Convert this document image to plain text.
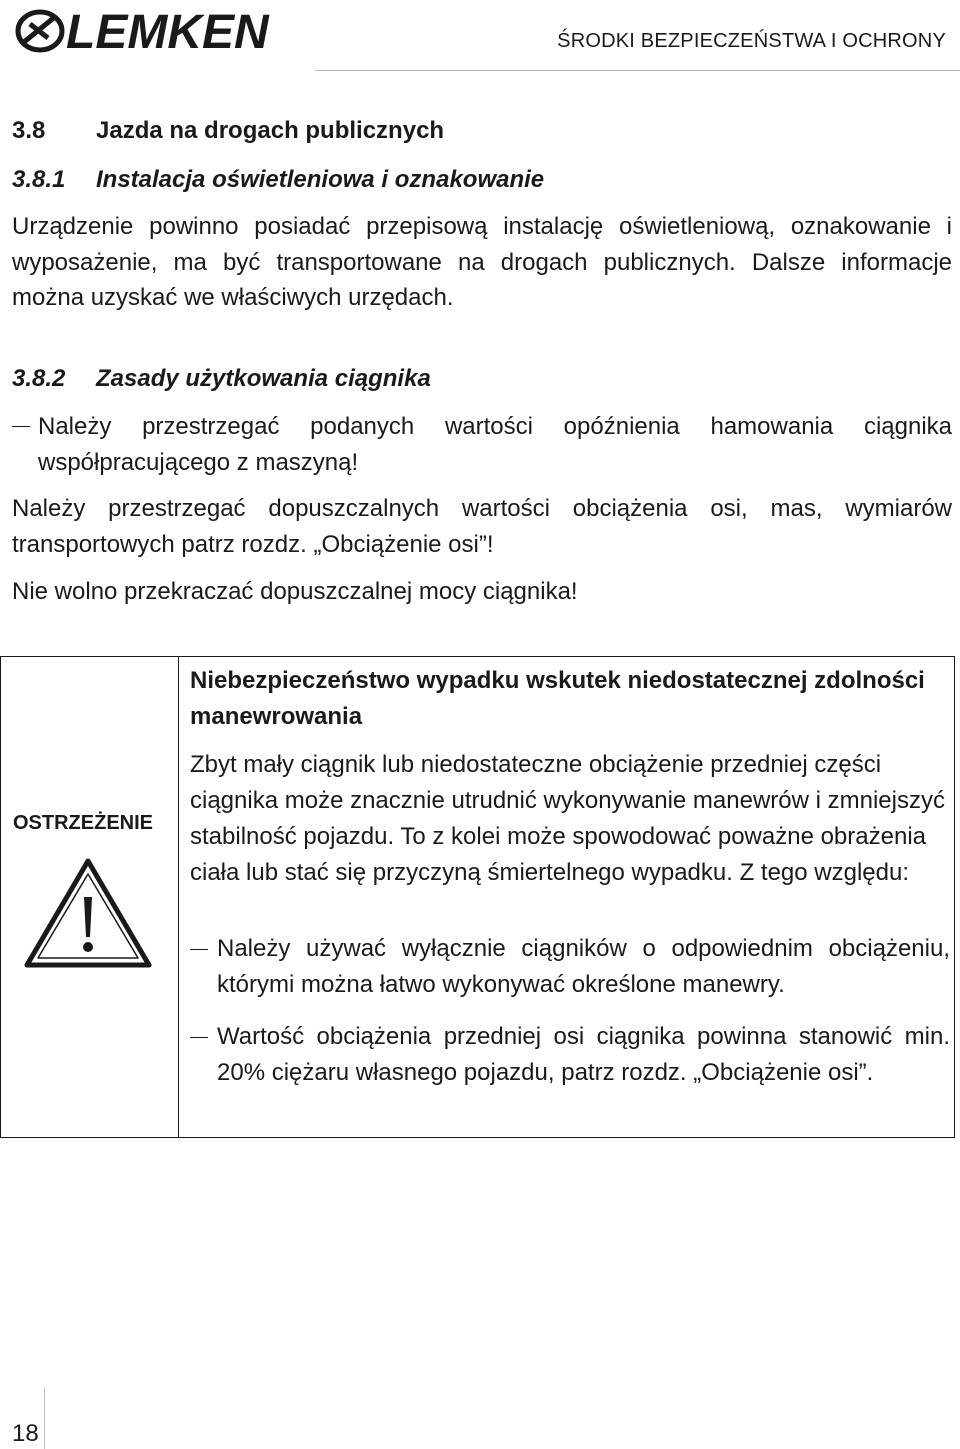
LEMKEN	ŚRODKI BEZPIECZEŃSTWA I OCHRONY
3.8 Jazda na drogach publicznych
3.8.1 Instalacja oświetleniowa i oznakowanie

Urządzenie powinno posiadać przepisową instalację oświetleniową, oznakowanie i wyposażenie, ma być transportowane na drogach publicznych. Dalsze informacje można uzyskać we właściwych urzędach.

3.8.2 Zasady użytkowania ciągnika
Należy przestrzegać podanych wartości opóźnienia hamowania ciągnika współpracującego z maszyną!

Należy przestrzegać dopuszczalnych wartości obciążenia osi, mas, wymiarów transportowych patrz rozdz. „Obciążenie osi”!

Nie wolno przekraczać dopuszczalnej mocy ciągnika!

OSTRZEŻENIE
Niebezpieczeństwo wypadku wskutek niedostatecznej zdolności manewrowania
Zbyt mały ciągnik lub niedostateczne obciążenie przedniej części ciągnika może znacznie utrudnić wykonywanie manewrów i zmniejszyć stabilność pojazdu. To z kolei może spowodować poważne obrażenia ciała lub stać się przyczyną śmiertelnego wypadku. Z tego względu:
Należy używać wyłącznie ciągników o odpowiednim obciążeniu, którymi można łatwo wykonywać określone manewry.
Wartość obciążenia przedniej osi ciągnika powinna stanowić min. 20% ciężaru własnego pojazdu, patrz rozdz. „Obciążenie osi”.
18
